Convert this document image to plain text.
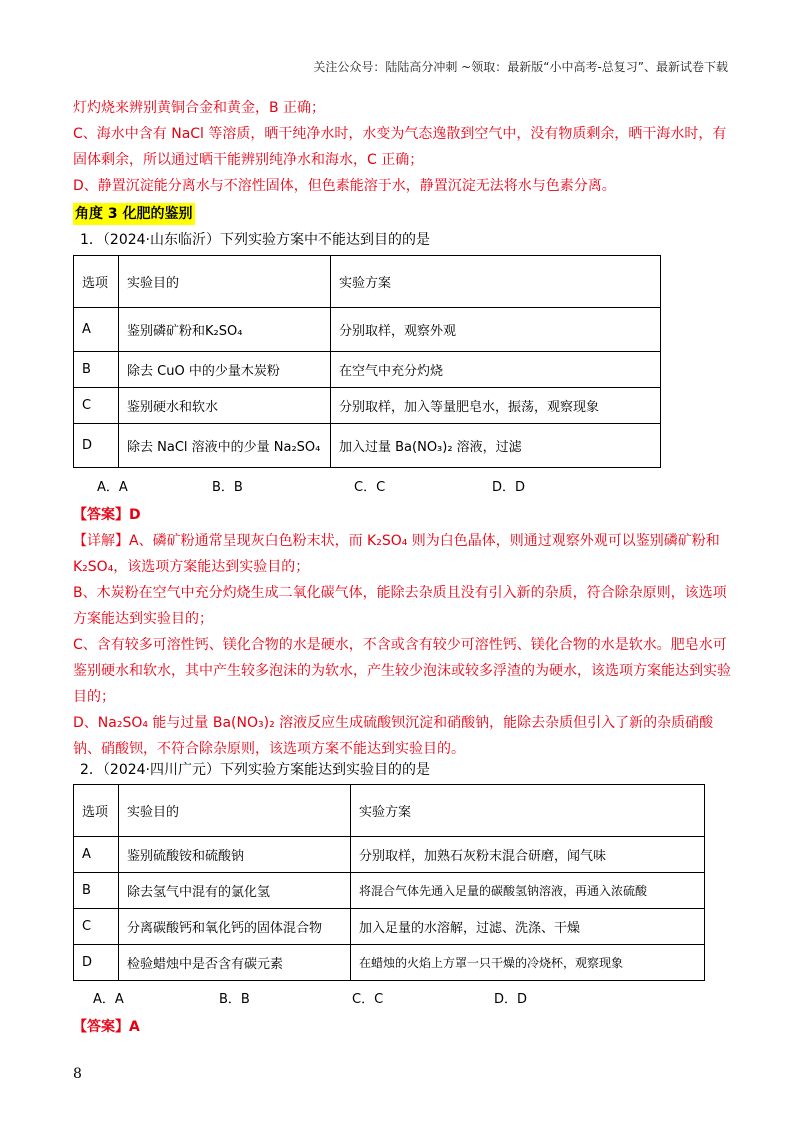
关注公众号：陆陆高分冲刺 ~领取：最新版“小中高考-总复习”、最新试卷下载

灯灼烧来辨别黄铜合金和黄金，B 正确；

C、海水中含有 NaCl 等溶质，晒干纯净水时，水变为气态逸散到空气中，没有物质剩余，晒干海水时，有固体剩余，所以通过晒干能辨别纯净水和海水，C 正确；

D、静置沉淀能分离水与不溶性固体，但色素能溶于水，静置沉淀无法将水与色素分离。

角度 3 化肥的鉴别
1．（2024·山东临沂）下列实验方案中不能达到目的的是
选项	实验目的	实验方案
A	鉴别磷矿粉和K₂SO₄	分别取样，观察外观
B	除去 CuO 中的少量木炭粉	在空气中充分灼烧
C	鉴别硬水和软水	分别取样，加入等量肥皂水，振荡，观察现象
D	除去 NaCl 溶液中的少量 Na₂SO₄	加入过量 Ba(NO₃)₂ 溶液，过滤
A．A	B．B	C．C	D．D
【答案】D

【详解】A、磷矿粉通常呈现灰白色粉末状，而 K₂SO₄ 则为白色晶体，则通过观察外观可以鉴别磷矿粉和 K₂SO₄，该选项方案能达到实验目的；

B、木炭粉在空气中充分灼烧生成二氧化碳气体，能除去杂质且没有引入新的杂质，符合除杂原则，该选项方案能达到实验目的；

C、含有较多可溶性钙、镁化合物的水是硬水，不含或含有较少可溶性钙、镁化合物的水是软水。肥皂水可鉴别硬水和软水，其中产生较多泡沫的为软水，产生较少泡沫或较多浮渣的为硬水，该选项方案能达到实验目的；

D、Na₂SO₄ 能与过量 Ba(NO₃)₂ 溶液反应生成硫酸钡沉淀和硝酸钠，能除去杂质但引入了新的杂质硝酸钠、硝酸钡，不符合除杂原则，该选项方案不能达到实验目的。

2．（2024·四川广元）下列实验方案能达到实验目的的是
选项	实验目的	实验方案
A	鉴别硫酸铵和硫酸钠	分别取样，加熟石灰粉末混合研磨，闻气味
B	除去氢气中混有的氯化氢	将混合气体先通入足量的碳酸氢钠溶液，再通入浓硫酸
C	分离碳酸钙和氧化钙的固体混合物	加入足量的水溶解，过滤、洗涤、干燥
D	检验蜡烛中是否含有碳元素	在蜡烛的火焰上方罩一只干燥的冷烧杯，观察现象
A．A	B．B	C．C	D．D
【答案】A
8
